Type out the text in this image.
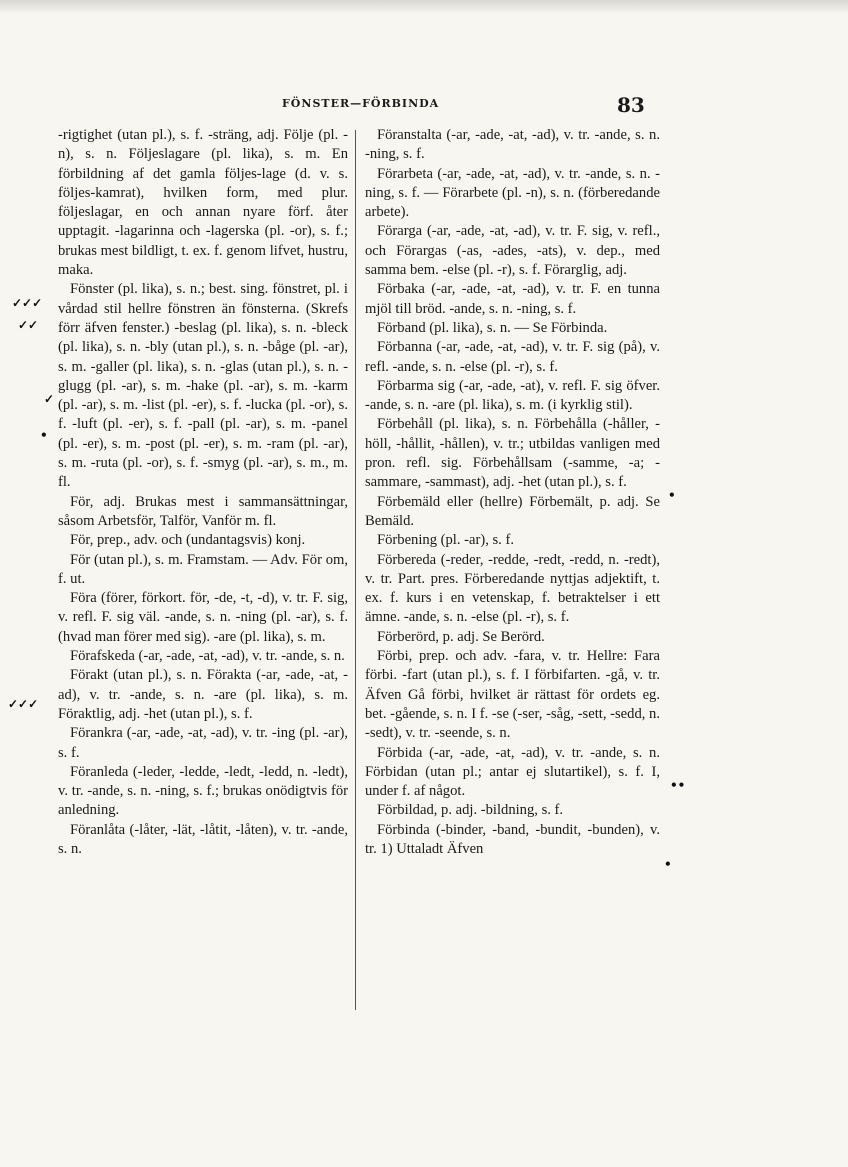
FÖNSTER—FÖRBINDA	83
✓✓✓
✓✓
✓
•
✓✓✓
•
••
•
-rigtighet (utan pl.), s. f. -sträng, adj. Följe (pl. -n), s. n. Följeslagare (pl. lika), s. m. En förbildning af det gamla följes-lage (d. v. s. följes-kamrat), hvilken form, med plur. följeslagar, en och annan nyare förf. åter upptagit. -lagarinna och -lagerska (pl. -or), s. f.; brukas mest bildligt, t. ex. f. genom lifvet, hustru, maka.
Fönster (pl. lika), s. n.; best. sing. fönstret, pl. i vårdad stil hellre fönstren än fönsterna. (Skrefs förr äfven fenster.) -beslag (pl. lika), s. n. -bleck (pl. lika), s. n. -bly (utan pl.), s. n. -båge (pl. -ar), s. m. -galler (pl. lika), s. n. -glas (utan pl.), s. n. -glugg (pl. -ar), s. m. -hake (pl. -ar), s. m. -karm (pl. -ar), s. m. -list (pl. -er), s. f. -lucka (pl. -or), s. f. -luft (pl. -er), s. f. -pall (pl. -ar), s. m. -panel (pl. -er), s. m. -post (pl. -er), s. m. -ram (pl. -ar), s. m. -ruta (pl. -or), s. f. -smyg (pl. -ar), s. m., m. fl.
För, adj. Brukas mest i sammansättningar, såsom Arbetsför, Talför, Vanför m. fl.
För, prep., adv. och (undantagsvis) konj.
För (utan pl.), s. m. Framstam. — Adv. För om, f. ut.
Föra (förer, förkort. för, -de, -t, -d), v. tr. F. sig, v. refl. F. sig väl. -ande, s. n. -ning (pl. -ar), s. f. (hvad man förer med sig). -are (pl. lika), s. m.
Förafskeda (-ar, -ade, -at, -ad), v. tr. -ande, s. n.
Förakt (utan pl.), s. n. Förakta (-ar, -ade, -at, -ad), v. tr. -ande, s. n. -are (pl. lika), s. m. Föraktlig, adj. -het (utan pl.), s. f.
Förankra (-ar, -ade, -at, -ad), v. tr. -ing (pl. -ar), s. f.
Föranleda (-leder, -ledde, -ledt, -ledd, n. -ledt), v. tr. -ande, s. n. -ning, s. f.; brukas onödigtvis för anledning.
Föranlåta (-låter, -lät, -låtit, -låten), v. tr. -ande, s. n.
Föranstalta (-ar, -ade, -at, -ad), v. tr. -ande, s. n. -ning, s. f.
Förarbeta (-ar, -ade, -at, -ad), v. tr. -ande, s. n. -ning, s. f. — Förarbete (pl. -n), s. n. (förberedande arbete).
Förarga (-ar, -ade, -at, -ad), v. tr. F. sig, v. refl., och Förargas (-as, -ades, -ats), v. dep., med samma bem. -else (pl. -r), s. f. Förarglig, adj.
Förbaka (-ar, -ade, -at, -ad), v. tr. F. en tunna mjöl till bröd. -ande, s. n. -ning, s. f.
Förband (pl. lika), s. n. — Se Förbinda.
Förbanna (-ar, -ade, -at, -ad), v. tr. F. sig (på), v. refl. -ande, s. n. -else (pl. -r), s. f.
Förbarma sig (-ar, -ade, -at), v. refl. F. sig öfver. -ande, s. n. -are (pl. lika), s. m. (i kyrklig stil).
Förbehåll (pl. lika), s. n. Förbehålla (-håller, -höll, -hållit, -hållen), v. tr.; utbildas vanligen med pron. refl. sig. Förbehållsam (-samme, -a; -sammare, -sammast), adj. -het (utan pl.), s. f.
Förbemäld eller (hellre) Förbemält, p. adj. Se Bemäld.
Förbening (pl. -ar), s. f.
Förbereda (-reder, -redde, -redt, -redd, n. -redt), v. tr. Part. pres. Förberedande nyttjas adjektift, t. ex. f. kurs i en vetenskap, f. betraktelser i ett ämne. -ande, s. n. -else (pl. -r), s. f.
Förberörd, p. adj. Se Berörd.
Förbi, prep. och adv. -fara, v. tr. Hellre: Fara förbi. -fart (utan pl.), s. f. I förbifarten. -gå, v. tr. Äfven Gå förbi, hvilket är rättast för ordets eg. bet. -gående, s. n. I f. -se (-ser, -såg, -sett, -sedd, n. -sedt), v. tr. -seende, s. n.
Förbida (-ar, -ade, -at, -ad), v. tr. -ande, s. n. Förbidan (utan pl.; antar ej slutartikel), s. f. I, under f. af något.
Förbildad, p. adj. -bildning, s. f.
Förbinda (-binder, -band, -bundit, -bunden), v. tr. 1) Uttaladt Äfven
